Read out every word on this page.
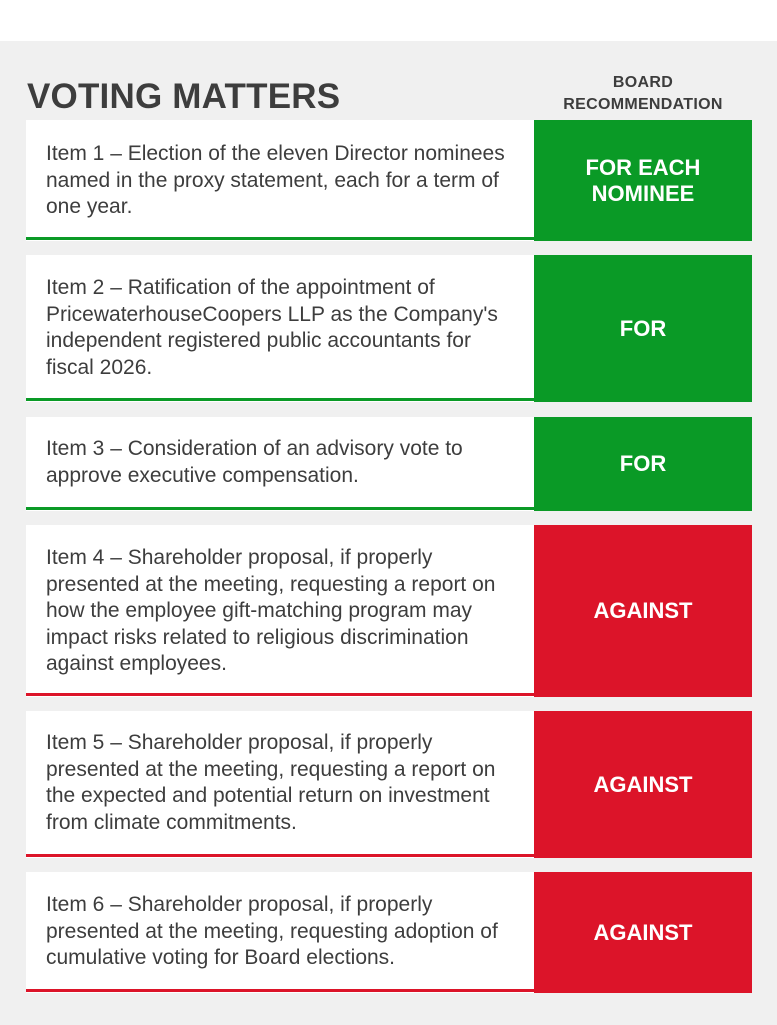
VOTING MATTERS	BOARD
RECOMMENDATION
Item 1 – Election of the eleven Director nominees named in the proxy statement, each for a term of one year.
FOR EACH
NOMINEE
Item 2 – Ratification of the appointment of PricewaterhouseCoopers LLP as the Company's independent registered public accountants for fiscal 2026.
FOR
Item 3 – Consideration of an advisory vote to approve executive compensation.	FOR
Item 4 – Shareholder proposal, if properly presented at the meeting, requesting a report on how the employee gift-matching program may impact risks related to religious discrimination against employees.
AGAINST
Item 5 – Shareholder proposal, if properly presented at the meeting, requesting a report on the expected and potential return on investment from climate commitments.
AGAINST
Item 6 – Shareholder proposal, if properly presented at the meeting, requesting adoption of cumulative voting for Board elections.
AGAINST
